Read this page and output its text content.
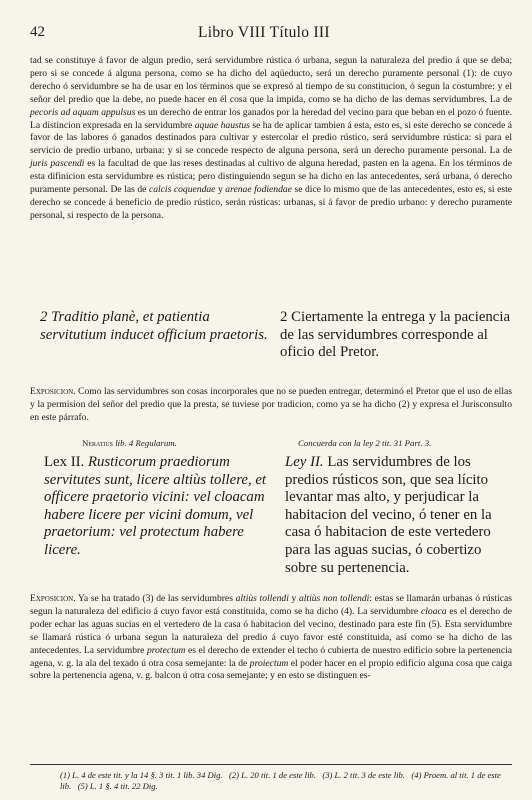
42	Libro VIII Título III

tad se constituye á favor de algun predio, será servidumbre rústica ó urbana, segun la naturaleza del predio á que se deba; pero si se concede á alguna persona, como se ha dicho del aqüeducto, será un derecho puramente personal (1): de cuyo derecho ó servidumbre se ha de usar en los términos que se expresó al tiempo de su constitucion, ó segun la costumbre: y el señor del predio que la debe, no puede hacer en él cosa que la impida, como se ha dicho de las demas servidumbres. La de pecoris ad aquam appulsus es un derecho de entrar los ganados por la heredad del vecino para que beban en el pozo ó fuente. La distincion expresada en la servidumbre aquae haustus se ha de aplicar tambien á esta, esto es, si este derecho se concede á favor de las labores ó ganados destinados para cultivar y estercolar el predio rústico, será servidumbre rústica: si para el servicio de predio urbano, urbana: y si se concede respecto de alguna persona, será un derecho puramente personal. La de juris pascendi es la facultad de que las reses destinadas al cultivo de alguna heredad, pasten en la agena. En los términos de esta difinicion esta servidumbre es rústica; pero distinguiendo segun se ha dicho en las antecedentes, será urbana, ó derecho puramente personal. De las de calcis coquendae y arenae fodiendae se dice lo mismo que de las antecedentes, esto es, si este derecho se concede á beneficio de predio rústico, serán rústicas: urbanas, si á favor de predio urbano: y derecho puramente personal, si respecto de la persona.

2 Traditio planè, et patientia servitutium inducet officium praetoris.

2 Ciertamente la entrega y la paciencia de las servidumbres corresponde al oficio del Pretor.

Exposicion. Como las servidumbres son cosas incorporales que no se pueden entregar, determinó el Pretor que el uso de ellas y la permision del señor del predio que la presta, se tuviese por tradicion, como ya se ha dicho (2) y expresa el Jurisconsulto en este párrafo.

Neratius lib. 4 Regularum.	Concuerda con la ley 2 tit. 31 Part. 3.

Lex II. Rusticorum praediorum servitutes sunt, licere altiùs tollere, et officere praetorio vicini: vel cloacam habere licere per vicini domum, vel praetorium: vel protectum habere licere.

Ley II. Las servidumbres de los predios rústicos son, que sea lícito levantar mas alto, y perjudicar la habitacion del vecino, ó tener en la casa ó habitacion de este vertedero para las aguas sucias, ó cobertizo sobre su pertenencia.

Exposicion. Ya se ha tratado (3) de las servidumbres altiùs tollendi y altiùs non tollendi: estas se llamarán urbanas ó rústicas segun la naturaleza del edificio á cuyo favor está constituida, como se ha dicho (4). La servidumbre cloaca es el derecho de poder echar las aguas sucias en el vertedero de la casa ó habitacion del vecino, destinado para este fin (5). Esta servidumbre se llamará rústica ó urbana segun la naturaleza del predio á cuyo favor esté constituida, así como se ha dicho de las antecedentes. La servidumbre protectum es el derecho de extender el techo ó cubierta de nuestro edificio sobre la pertenencia agena, v. g. la ala del texado ú otra cosa semejante: la de proiectum el poder hacer en el propio edificio alguna cosa que caiga sobre la pertenencia agena, v. g. balcon ú otra cosa semejante; y en esto se distinguen es-

(1) L. 4 de este tit. y la 14 §. 3 tit. 1 lib. 34 Dig. (2) L. 20 tit. 1 de este lib. (3) L. 2 tit. 3 de este lib. (4) Proem. al tit. 1 de este lib. (5) L. 1 §. 4 tit. 22 Dig.
